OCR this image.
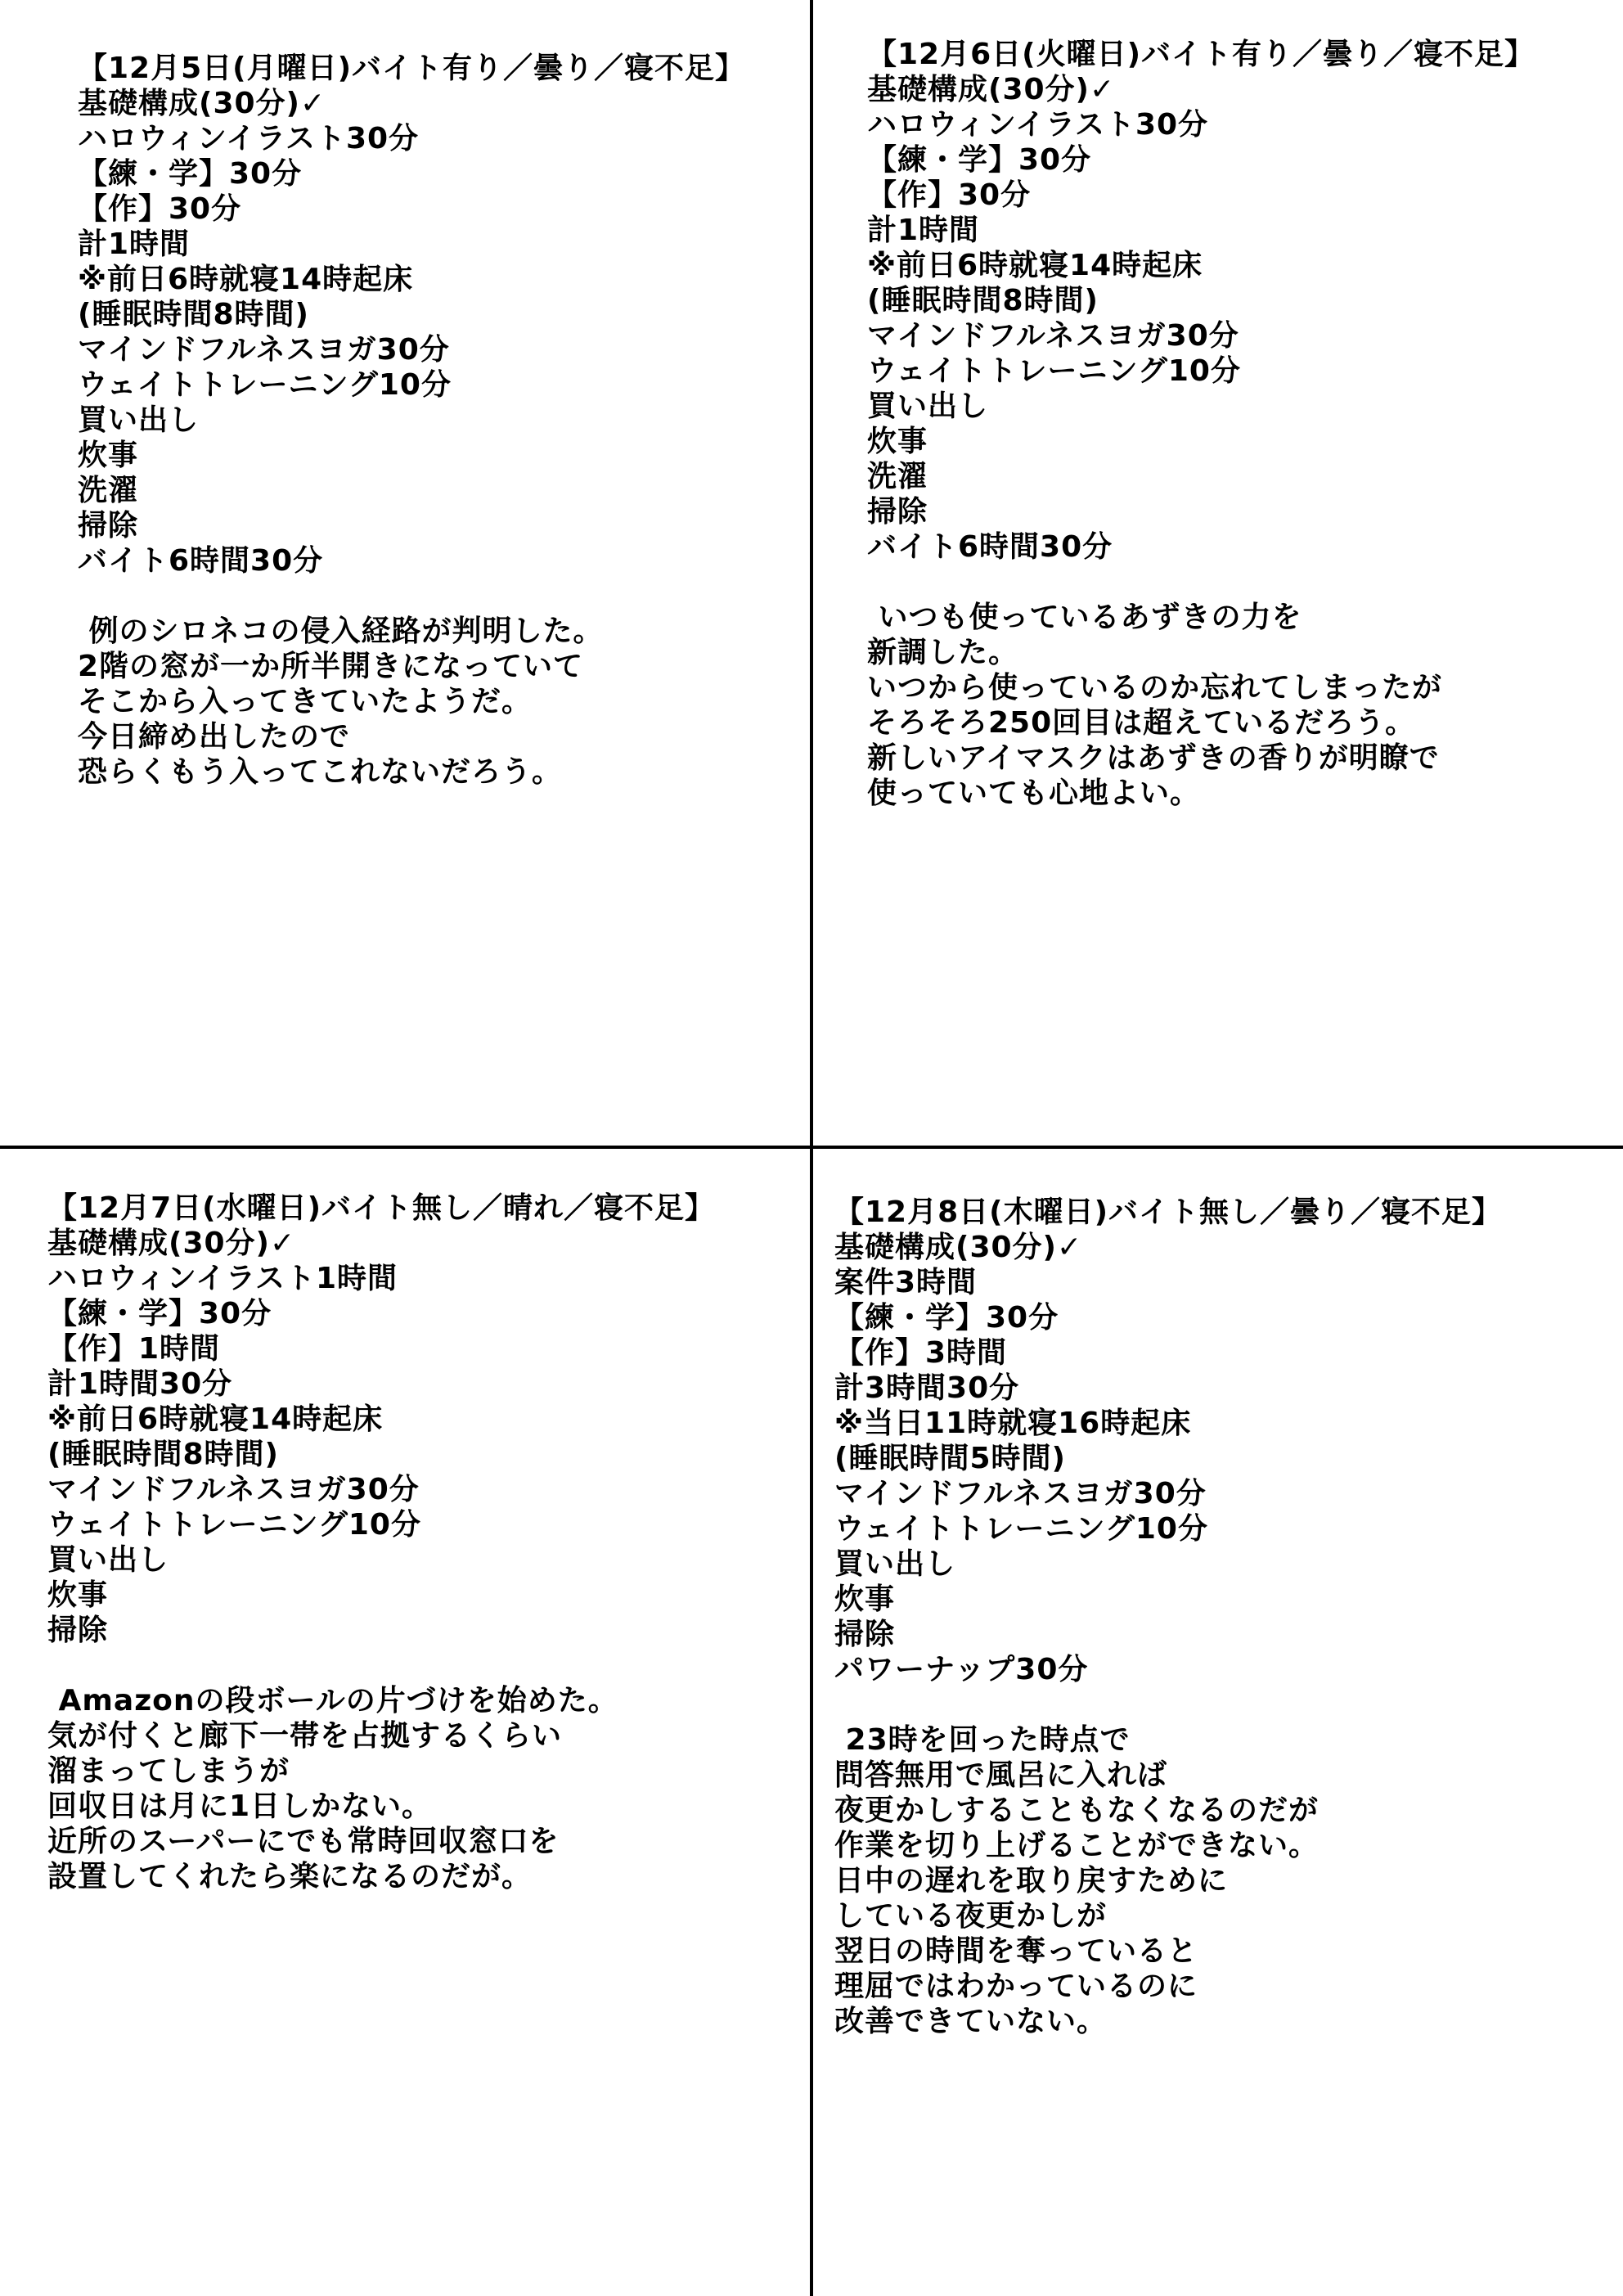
【12月5日(月曜日)バイト有り／曇り／寝不足】
基礎構成(30分)✓
ハロウィンイラスト30分
【練・学】30分
【作】30分
計1時間
※前日6時就寝14時起床
(睡眠時間8時間)
マインドフルネスヨガ30分
ウェイトトレーニング10分
買い出し
炊事
洗濯
掃除
バイト6時間30分
例のシロネコの侵入経路が判明した。
2階の窓が一か所半開きになっていて
そこから入ってきていたようだ。
今日締め出したので
恐らくもう入ってこれないだろう。
【12月6日(火曜日)バイト有り／曇り／寝不足】
基礎構成(30分)✓
ハロウィンイラスト30分
【練・学】30分
【作】30分
計1時間
※前日6時就寝14時起床
(睡眠時間8時間)
マインドフルネスヨガ30分
ウェイトトレーニング10分
買い出し
炊事
洗濯
掃除
バイト6時間30分
いつも使っているあずきの力を
新調した。
いつから使っているのか忘れてしまったが
そろそろ250回目は超えているだろう。
新しいアイマスクはあずきの香りが明瞭で
使っていても心地よい。
【12月7日(水曜日)バイト無し／晴れ／寝不足】
基礎構成(30分)✓
ハロウィンイラスト1時間
【練・学】30分
【作】1時間
計1時間30分
※前日6時就寝14時起床
(睡眠時間8時間)
マインドフルネスヨガ30分
ウェイトトレーニング10分
買い出し
炊事
掃除
Amazonの段ボールの片づけを始めた。
気が付くと廊下一帯を占拠するくらい
溜まってしまうが
回収日は月に1日しかない。
近所のスーパーにでも常時回収窓口を
設置してくれたら楽になるのだが。
【12月8日(木曜日)バイト無し／曇り／寝不足】
基礎構成(30分)✓
案件3時間
【練・学】30分
【作】3時間
計3時間30分
※当日11時就寝16時起床
(睡眠時間5時間)
マインドフルネスヨガ30分
ウェイトトレーニング10分
買い出し
炊事
掃除
パワーナップ30分
23時を回った時点で
問答無用で風呂に入れば
夜更かしすることもなくなるのだが
作業を切り上げることができない。
日中の遅れを取り戻すために
している夜更かしが
翌日の時間を奪っていると
理屈ではわかっているのに
改善できていない。
